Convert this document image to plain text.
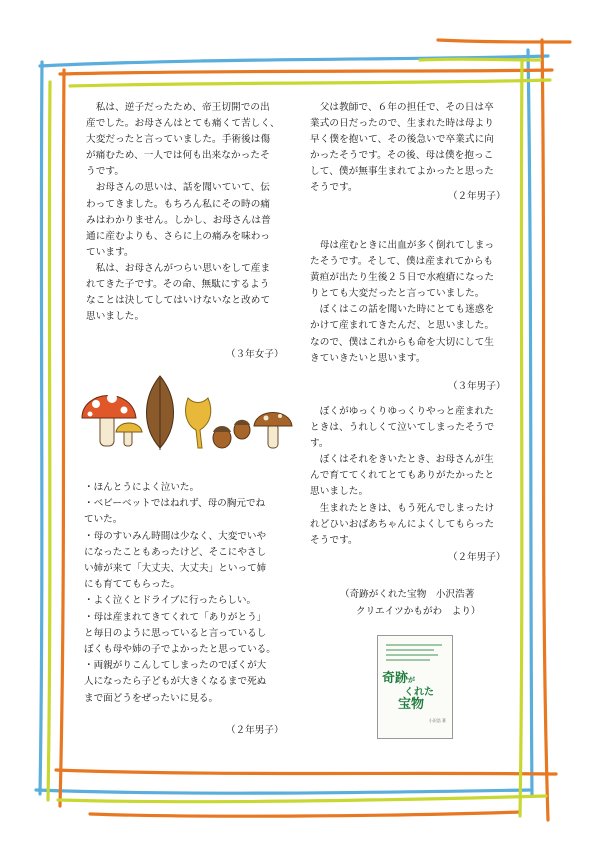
　私は、逆子だったため、帝王切開での出

産でした。お母さんはとても痛くて苦しく、

大変だったと言っていました。手術後は傷

が痛むため、一人では何も出来なかったそ

うです。

　お母さんの思いは、話を聞いていて、伝

わってきました。もちろん私にその時の痛

みはわかりません。しかし、お母さんは普

通に産むよりも、さらに上の痛みを味わっ

ています。

　私は、お母さんがつらい思いをして産ま

れてきた子です。その命、無駄にするよう

なことは決してしてはいけないなと改めて

思いました。

（３年女子）

・ほんとうによく泣いた。

・ベビーベットではねれず、母の胸元でね

ていた。

・母のすいみん時間は少なく、大変でいや

になったこともあったけど、そこにやさし

い姉が来て「大丈夫、大丈夫」といって姉

にも育ててもらった。

・よく泣くとドライブに行ったらしい。

・母は産まれてきてくれて「ありがとう」

と毎日のように思っていると言っているし

ぼくも母や姉の子でよかったと思っている。

・両親がりこんしてしまったのでぼくが大

人になったら子どもが大きくなるまで死ぬ

まで面どうをぜったいに見る。

（２年男子）

　父は教師で、６年の担任で、その日は卒

業式の日だったので、生まれた時は母より

早く僕を抱いて、その後急いで卒業式に向

かったそうです。その後、母は僕を抱っこ

して、僕が無事生まれてよかったと思った

そうです。

（２年男子）

　母は産むときに出血が多く倒れてしまっ

たそうです。そして、僕は産まれてからも

黄疸が出たり生後２５日で水疱瘡になった

りとても大変だったと言っていました。

　ぼくはこの話を聞いた時にとても迷惑を

かけて産まれてきたんだ、と思いました。

なので、僕はこれからも命を大切にして生

きていきたいと思います。

（３年男子）

　ぼくがゆっくりゆっくりやっと産まれた

ときは、うれしくて泣いてしまったそうで

す。

　ぼくはそれをきいたとき、お母さんが生

んで育ててくれてとてもありがたかったと

思いました。

　生まれたときは、もう死んでしまったけ

れどひいおばあちゃんによくしてもらった

そうです。

（２年男子）
（奇跡がくれた宝物　小沢浩著
クリエイツかもがわ　より）
奇跡が
くれた
宝物
小沢浩 著
